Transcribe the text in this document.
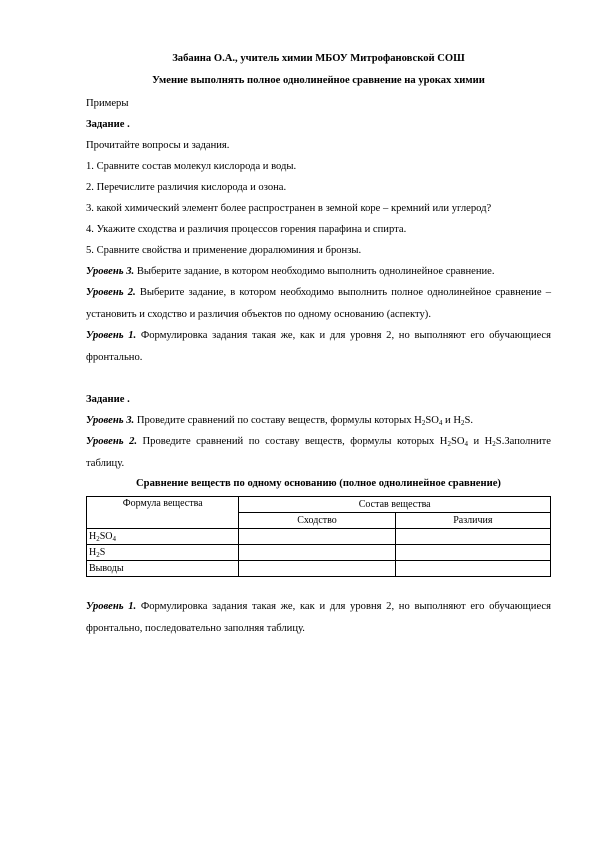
Забаина О.А., учитель химии МБОУ Митрофановской СОШ

Умение выполнять полное однолинейное сравнение на уроках химии

Примеры

Задание .

Прочитайте вопросы и задания.

1. Сравните состав молекул кислорода и воды.

2. Перечислите различия кислорода и озона.

3. какой химический элемент более распространен в земной коре – кремний или углерод?

4. Укажите сходства и различия процессов горения парафина и спирта.

5. Сравните свойства и применение дюралюминия и бронзы.

Уровень 3. Выберите задание, в котором необходимо выполнить однолинейное сравнение.

Уровень 2. Выберите задание, в котором необходимо выполнить полное однолинейное сравнение – установить и сходство и различия объектов по одному основанию (аспекту).

Уровень 1. Формулировка задания такая же, как и для уровня 2, но выполняют его обучающиеся фронтально.

Задание .

Уровень 3. Проведите сравнений по составу веществ, формулы которых $H_2SO_4$ и $H_2S$.

Уровень 2. Проведите сравнений по составу веществ, формулы которых $H_2SO_4$ и $H_2S.Заполните$ таблицу.

Сравнение веществ по одному основанию (полное однолинейное сравнение)

Формула вещества	Состав вещества	
	Сходство	Различия
$H_2SO_4$		
$H_2S$		
Выводы		

Уровень 1. Формулировка задания такая же, как и для уровня 2, но выполняют его обучающиеся фронтально, последовательно заполняя таблицу.
